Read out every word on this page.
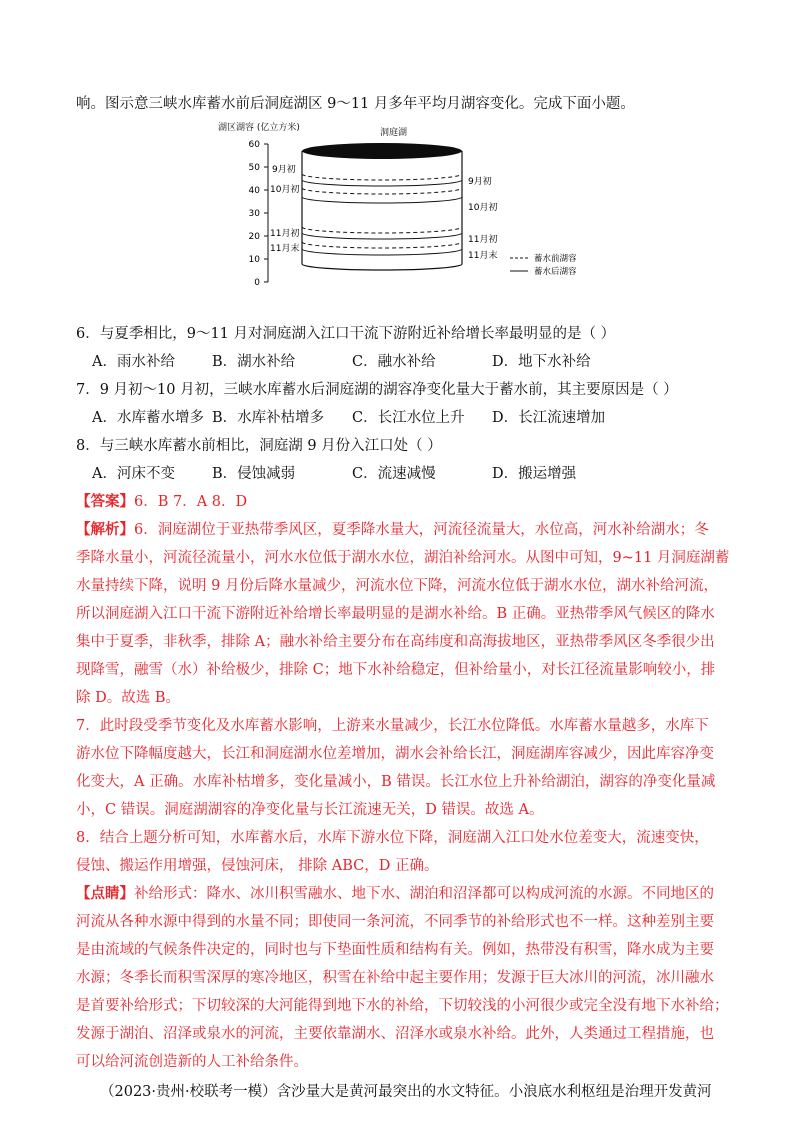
响。图示意三峡水库蓄水前后洞庭湖区 9～11 月多年平均月湖容变化。完成下面小题。
湖区湖容 (亿立方米)	洞庭湖
60
50
40
30
20
10
0
9月初
10月初
11月初
11月末
9月初
10月初
11月初
11月末	蓄水前湖容
蓄水后湖容
6．与夏季相比，9～11 月对洞庭湖入江口干流下游附近补给增长率最明显的是（ ）
A．雨水补给	B．湖水补给	C．融水补给	D．地下水补给
7．9 月初～10 月初，三峡水库蓄水后洞庭湖的湖容净变化量大于蓄水前，其主要原因是（ ）
A．水库蓄水增多 B．水库补枯增多 C．长江水位上升 D．长江流速增加
8．与三峡水库蓄水前相比，洞庭湖 9 月份入江口处（ ）
A．河床不变	B．侵蚀减弱	C．流速减慢	D．搬运增强
【答案】6．B 7．A 8．D
【解析】6．洞庭湖位于亚热带季风区，夏季降水量大，河流径流量大，水位高，河水补给湖水；冬
季降水量小，河流径流量小，河水水位低于湖水水位，湖泊补给河水。从图中可知，9~11 月洞庭湖蓄
水量持续下降，说明 9 月份后降水量减少，河流水位下降，河流水位低于湖水水位，湖水补给河流，
所以洞庭湖入江口干流下游附近补给增长率最明显的是湖水补给。B 正确。亚热带季风气候区的降水
集中于夏季，非秋季，排除 A；融水补给主要分布在高纬度和高海拔地区，亚热带季风区冬季很少出
现降雪，融雪（水）补给极少，排除 C；地下水补给稳定，但补给量小，对长江径流量影响较小，排
除 D。故选 B。
7．此时段受季节变化及水库蓄水影响，上游来水量减少，长江水位降低。水库蓄水量越多，水库下
游水位下降幅度越大，长江和洞庭湖水位差增加，湖水会补给长江，洞庭湖库容减少，因此库容净变
化变大，A 正确。水库补枯增多，变化量减小，B 错误。长江水位上升补给湖泊，湖容的净变化量减
小，C 错误。洞庭湖湖容的净变化量与长江流速无关，D 错误。故选 A。
8．结合上题分析可知，水库蓄水后，水库下游水位下降，洞庭湖入江口处水位差变大，流速变快，
侵蚀、搬运作用增强，侵蚀河床， 排除 ABC，D 正确。
【点睛】补给形式：降水、冰川积雪融水、地下水、湖泊和沼泽都可以构成河流的水源。不同地区的
河流从各种水源中得到的水量不同；即使同一条河流，不同季节的补给形式也不一样。这种差别主要
是由流域的气候条件决定的，同时也与下垫面性质和结构有关。例如，热带没有积雪，降水成为主要
水源；冬季长而积雪深厚的寒冷地区，积雪在补给中起主要作用；发源于巨大冰川的河流，冰川融水
是首要补给形式；下切较深的大河能得到地下水的补给，下切较浅的小河很少或完全没有地下水补给；
发源于湖泊、沼泽或泉水的河流，主要依靠湖水、沼泽水或泉水补给。此外，人类通过工程措施，也
可以给河流创造新的人工补给条件。
（2023·贵州·校联考一模）含沙量大是黄河最突出的水文特征。小浪底水利枢纽是治理开发黄河
